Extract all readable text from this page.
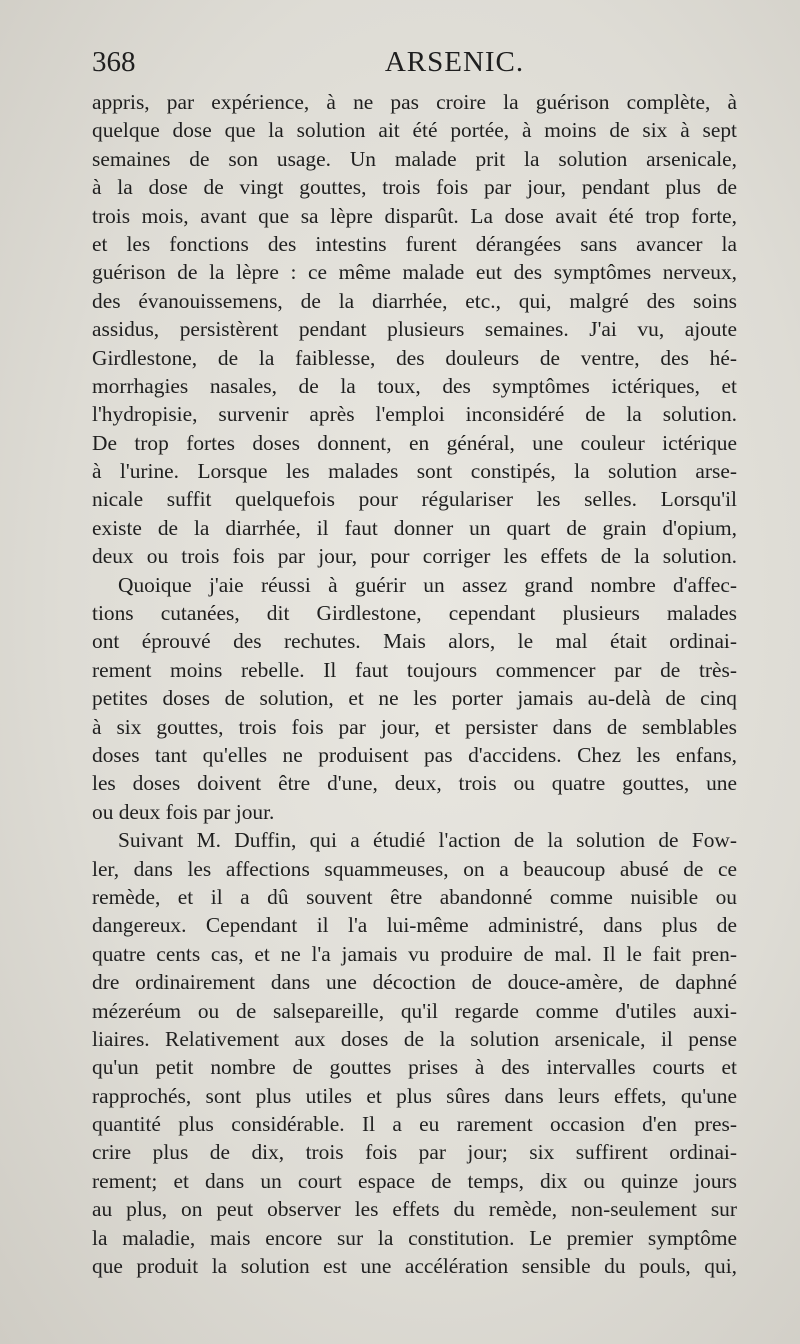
368	ARSENIC.
appris, par expérience, à ne pas croire la guérison complète, à
quelque dose que la solution ait été portée, à moins de six à sept
semaines de son usage. Un malade prit la solution arsenicale,
à la dose de vingt gouttes, trois fois par jour, pendant plus de
trois mois, avant que sa lèpre disparût. La dose avait été trop forte,
et les fonctions des intestins furent dérangées sans avancer la
guérison de la lèpre : ce même malade eut des symptômes nerveux,
des évanouissemens, de la diarrhée, etc., qui, malgré des soins
assidus, persistèrent pendant plusieurs semaines. J'ai vu, ajoute
Girdlestone, de la faiblesse, des douleurs de ventre, des hé-
morrhagies nasales, de la toux, des symptômes ictériques, et
l'hydropisie, survenir après l'emploi inconsidéré de la solution.
De trop fortes doses donnent, en général, une couleur ictérique
à l'urine. Lorsque les malades sont constipés, la solution arse-
nicale suffit quelquefois pour régulariser les selles. Lorsqu'il
existe de la diarrhée, il faut donner un quart de grain d'opium,
deux ou trois fois par jour, pour corriger les effets de la solution.
Quoique j'aie réussi à guérir un assez grand nombre d'affec-
tions cutanées, dit Girdlestone, cependant plusieurs malades
ont éprouvé des rechutes. Mais alors, le mal était ordinai-
rement moins rebelle. Il faut toujours commencer par de très-
petites doses de solution, et ne les porter jamais au-delà de cinq
à six gouttes, trois fois par jour, et persister dans de semblables
doses tant qu'elles ne produisent pas d'accidens. Chez les enfans,
les doses doivent être d'une, deux, trois ou quatre gouttes, une
ou deux fois par jour.
Suivant M. Duffin, qui a étudié l'action de la solution de Fow-
ler, dans les affections squammeuses, on a beaucoup abusé de ce
remède, et il a dû souvent être abandonné comme nuisible ou
dangereux. Cependant il l'a lui-même administré, dans plus de
quatre cents cas, et ne l'a jamais vu produire de mal. Il le fait pren-
dre ordinairement dans une décoction de douce-amère, de daphné
mézeréum ou de salsepareille, qu'il regarde comme d'utiles auxi-
liaires. Relativement aux doses de la solution arsenicale, il pense
qu'un petit nombre de gouttes prises à des intervalles courts et
rapprochés, sont plus utiles et plus sûres dans leurs effets, qu'une
quantité plus considérable. Il a eu rarement occasion d'en pres-
crire plus de dix, trois fois par jour; six suffirent ordinai-
rement; et dans un court espace de temps, dix ou quinze jours
au plus, on peut observer les effets du remède, non-seulement sur
la maladie, mais encore sur la constitution. Le premier symptôme
que produit la solution est une accélération sensible du pouls, qui,
